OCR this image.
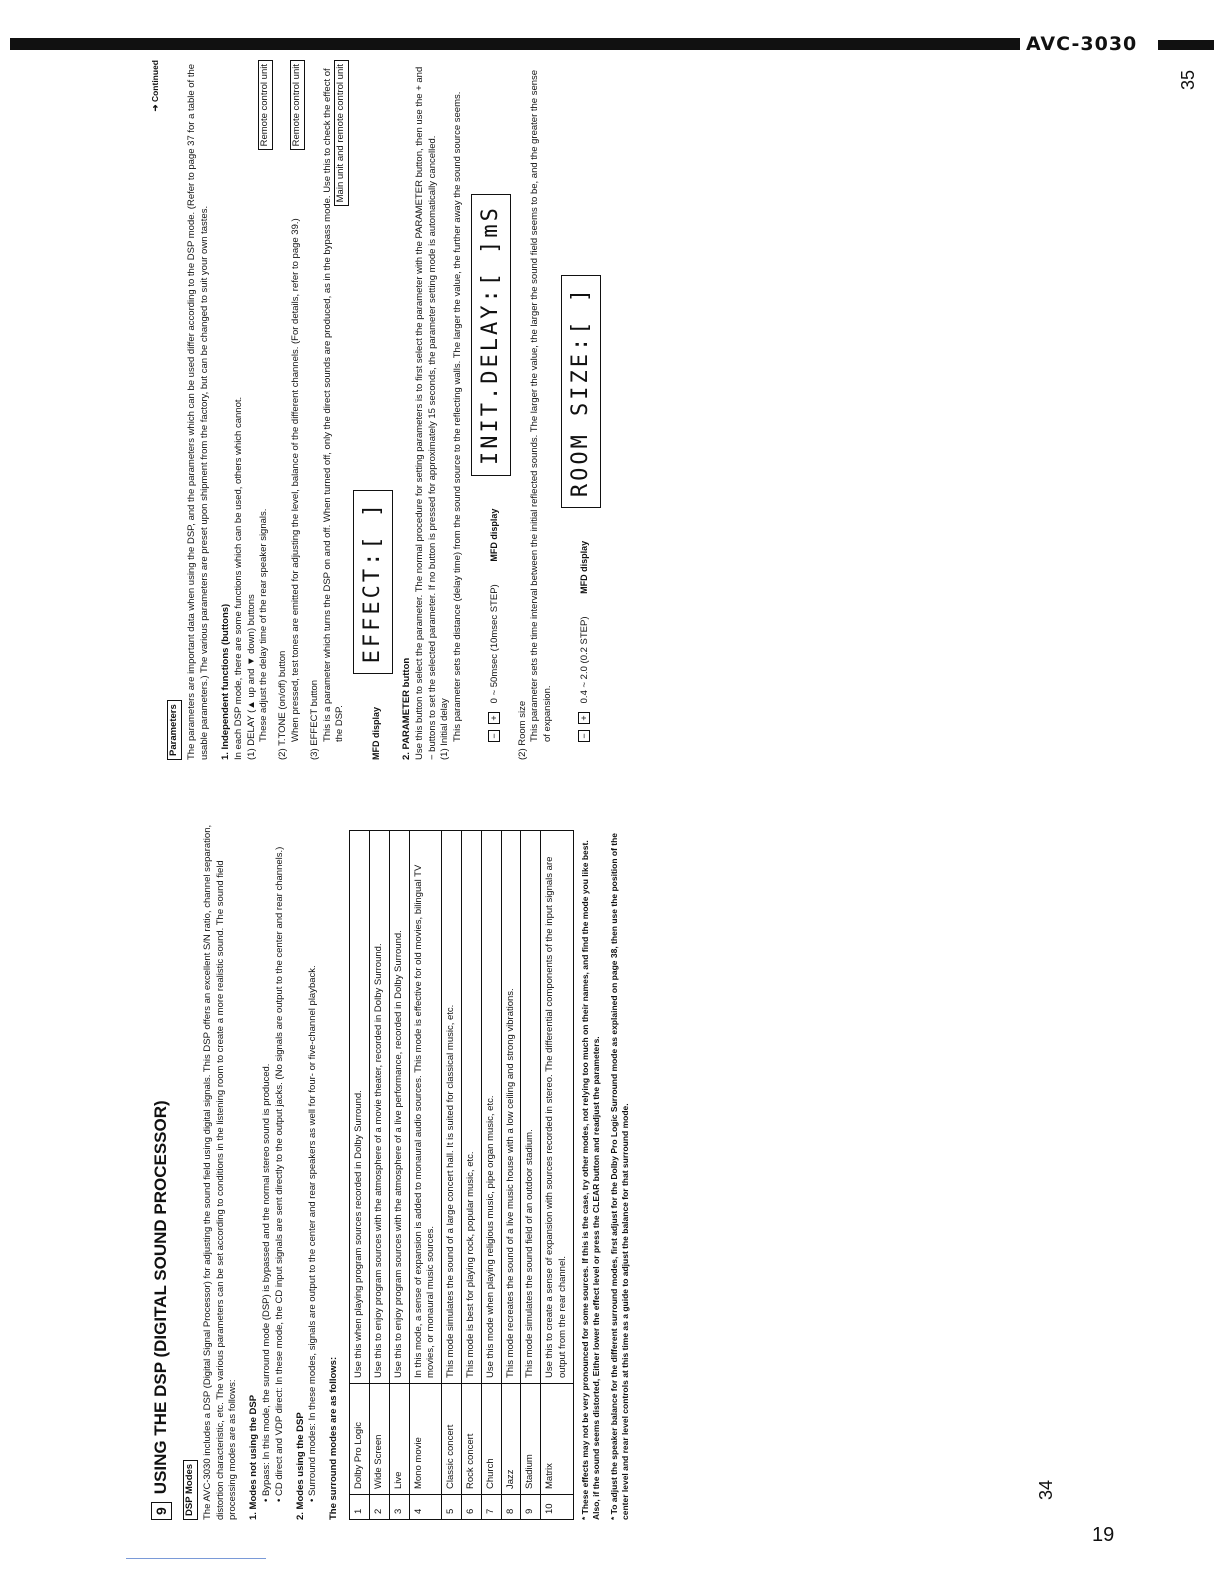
AVC-3030
35
34
19
9
USING THE DSP (DIGITAL SOUND PROCESSOR)	DSP Modes The AVC-3030 includes a DSP (Digital Signal Processor) for adjusting the sound field using digital signals. This DSP offers an excellent S/N ratio, channel separation, distortion characteristic, etc. The various parameters can be set according to conditions in the listening room to create a more realistic sound. The sound field processing modes are as follows: 1. Modes not using the DSP • Bypass: In this mode, the surround mode (DSP) is bypassed and the normal stereo sound is produced. • CD direct and VDP direct: In these mode, the CD input signals are sent directly to the output jacks. (No signals are output to the center and rear channels.) 2. Modes using the DSP • Surround modes: In these modes, signals are output to the center and rear speakers as well for four- or five-channel playback. The surround modes are as follows: 1	Dolby Pro Logic	Use this when playing program sources recorded in Dolby Surround.
2	Wide Screen	Use this to enjoy program sources with the atmosphere of a movie theater, recorded in Dolby Surround.
3	Live	Use this to enjoy program sources with the atmosphere of a live performance, recorded in Dolby Surround.
4	Mono movie	In this mode, a sense of expansion is added to monaural audio sources. This mode is effective for old movies, bilingual TV movies, or monaural music sources.
5	Classic concert	This mode simulates the sound of a large concert hall. It is suited for classical music, etc.
6	Rock concert	This mode is best for playing rock, popular music, etc.
7	Church	Use this mode when playing religious music, pipe organ music, etc.
8	Jazz	This mode recreates the sound of a live music house with a low ceiling and strong vibrations.
9	Stadium	This mode simulates the sound field of an outdoor stadium.
10	Matrix	Use this to create a sense of expansion with sources recorded in stereo. The differential components of the input signals are output from the rear channel. * These effects may not be very pronounced for some sources. If this is the case, try other modes, not relying too much on their names, and find the mode you like best. Also, if the sound seems distorted, Either lower the effect level or press the CLEAR button and readjust the parameters. * To adjust the speaker balance for the different surround modes, first adjust for the Dolby Pro Logic Surround mode as explained on page 38, then use the position of the center level and rear level controls at this time as a guide to adjust the balance for that surround mode.

➜ Continued

Parameters The parameters are important data when using the DSP, and the parameters which can be used differ according to the DSP mode. (Refer to page 37 for a table of the usable parameters.) The various parameters are preset upon shipment from the factory, but can be changed to suit your own tastes. 1. Independent functions (buttons) In each DSP mode, there are some functions which can be used, others which cannot. (1) DELAY (▲ up and ▼ down) buttons These adjust the delay time of the rear speaker signals.
Remote control unit

(2) T.TONE (on/off) button When pressed, test tones are emitted for adjusting the level, balance of the different channels. (For details, refer to page 39.)
Remote control unit

(3) EFFECT button This is a parameter which turns the DSP on and off. When turned off, only the direct sounds are produced, as in the bypass mode. Use this to check the effect of the DSP.
Main unit and remote control unit

MFD display EFFECT:[ ]

2. PARAMETER button Use this button to select the parameter. The normal procedure for setting parameters is to first select the parameter with the PARAMETER button, then use the + and − buttons to set the selected parameter. If no button is pressed for approximately 15 seconds, the parameter setting mode is automatically cancelled. (1) Initial delay This parameter sets the distance (delay time) from the sound source to the reflecting walls. The larger the value, the further away the sound source seems.	−+ 0 ~ 50msec (10msec STEP) MFD display INIT.DELAY:[ ]mS

(2) Room size This parameter sets the time interval between the initial reflected sounds. The larger the value, the larger the sound field seems to be, and the greater the sense of expansion.	−+ 0.4 ~ 2.0 (0.2 STEP) MFD display ROOM SIZE:[ ]
